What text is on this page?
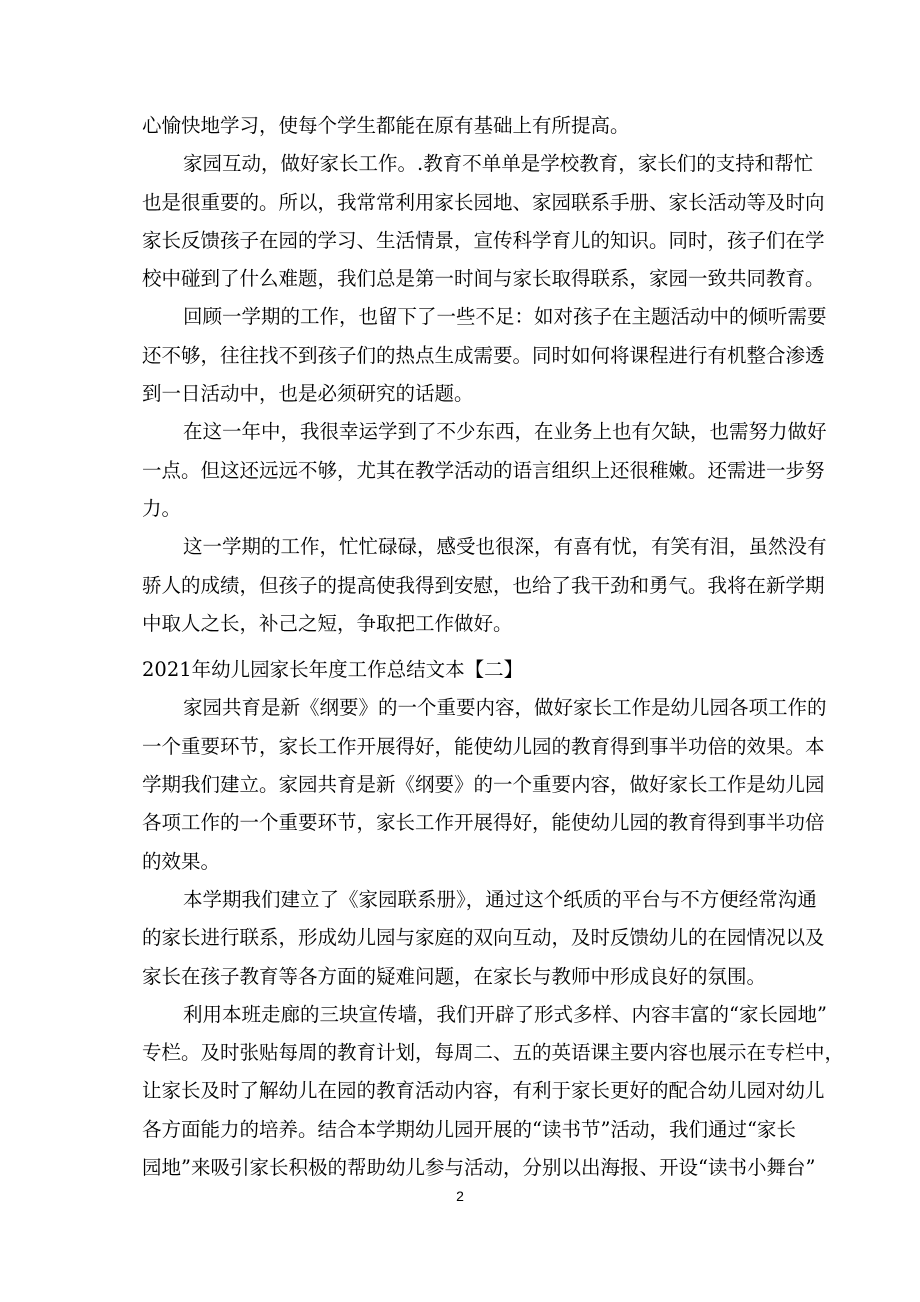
心愉快地学习，使每个学生都能在原有基础上有所提高。

家园互动，做好家长工作。.教育不单单是学校教育，家长们的支持和帮忙

也是很重要的。所以，我常常利用家长园地、家园联系手册、家长活动等及时向

家长反馈孩子在园的学习、生活情景，宣传科学育儿的知识。同时，孩子们在学

校中碰到了什么难题，我们总是第一时间与家长取得联系，家园一致共同教育。

回顾一学期的工作，也留下了一些不足：如对孩子在主题活动中的倾听需要

还不够，往往找不到孩子们的热点生成需要。同时如何将课程进行有机整合渗透

到一日活动中，也是必须研究的话题。

在这一年中，我很幸运学到了不少东西，在业务上也有欠缺，也需努力做好

一点。但这还远远不够，尤其在教学活动的语言组织上还很稚嫩。还需进一步努

力。

这一学期的工作，忙忙碌碌，感受也很深，有喜有忧，有笑有泪，虽然没有

骄人的成绩，但孩子的提高使我得到安慰，也给了我干劲和勇气。我将在新学期

中取人之长，补己之短，争取把工作做好。

2021年幼儿园家长年度工作总结文本【二】

家园共育是新《纲要》的一个重要内容，做好家长工作是幼儿园各项工作的

一个重要环节，家长工作开展得好，能使幼儿园的教育得到事半功倍的效果。本

学期我们建立。家园共育是新《纲要》的一个重要内容，做好家长工作是幼儿园

各项工作的一个重要环节，家长工作开展得好，能使幼儿园的教育得到事半功倍

的效果。

本学期我们建立了《家园联系册》，通过这个纸质的平台与不方便经常沟通

的家长进行联系，形成幼儿园与家庭的双向互动，及时反馈幼儿的在园情况以及

家长在孩子教育等各方面的疑难问题，在家长与教师中形成良好的氛围。

利用本班走廊的三块宣传墙，我们开辟了形式多样、内容丰富的“家长园地”

专栏。及时张贴每周的教育计划，每周二、五的英语课主要内容也展示在专栏中，

让家长及时了解幼儿在园的教育活动内容，有利于家长更好的配合幼儿园对幼儿

各方面能力的培养。结合本学期幼儿园开展的“读书节”活动，我们通过“家长

园地”来吸引家长积极的帮助幼儿参与活动，分别以出海报、开设“读书小舞台”

2
